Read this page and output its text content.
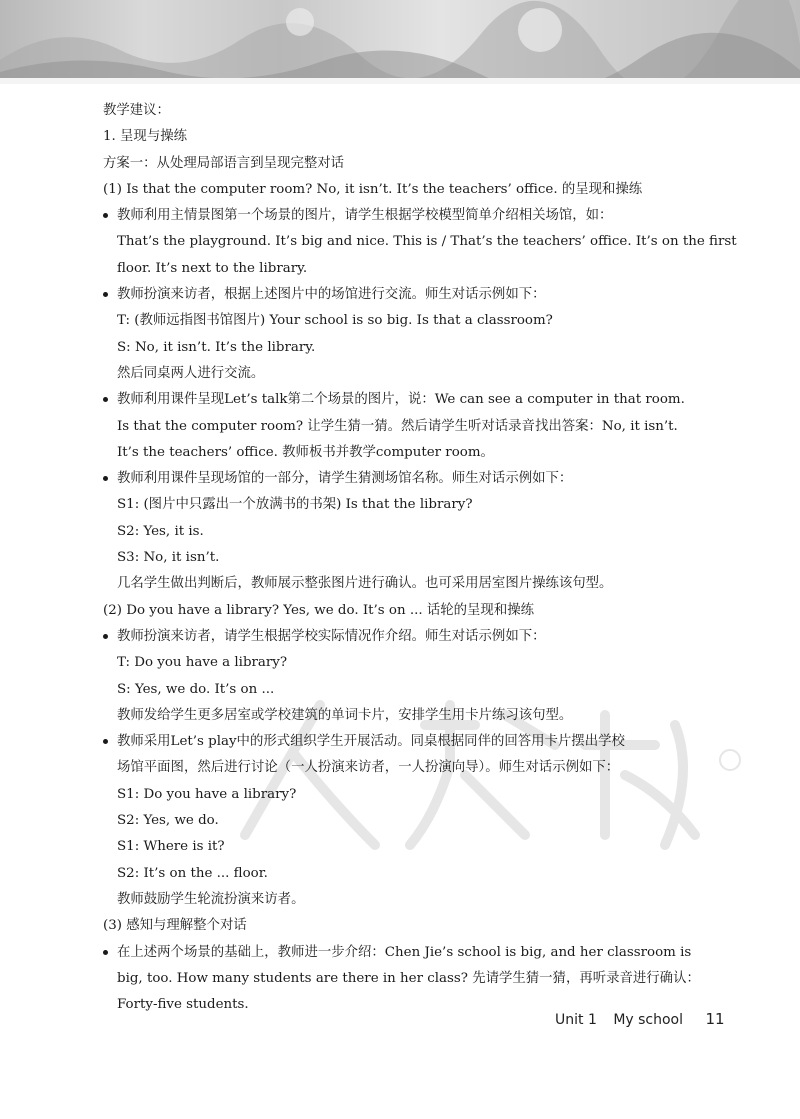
教学建议：
1. 呈现与操练
方案一：从处理局部语言到呈现完整对话
(1) Is that the computer room? No, it isn’t. It’s the teachers’ office. 的呈现和操练
教师利用主情景图第一个场景的图片，请学生根据学校模型简单介绍相关场馆，如：
That’s the playground. It’s big and nice. This is / That’s the teachers’ office. It’s on the first
floor. It’s next to the library.
教师扮演来访者，根据上述图片中的场馆进行交流。师生对话示例如下：
T: (教师远指图书馆图片) Your school is so big. Is that a classroom?
S: No, it isn’t. It’s the library.
然后同桌两人进行交流。
教师利用课件呈现Let’s talk第二个场景的图片，说：We can see a computer in that room.
Is that the computer room? 让学生猜一猜。然后请学生听对话录音找出答案：No, it isn’t.
It’s the teachers’ office. 教师板书并教学computer room。
教师利用课件呈现场馆的一部分，请学生猜测场馆名称。师生对话示例如下：
S1: (图片中只露出一个放满书的书架) Is that the library?
S2: Yes, it is.
S3: No, it isn’t.
几名学生做出判断后，教师展示整张图片进行确认。也可采用居室图片操练该句型。
(2) Do you have a library? Yes, we do. It’s on ... 话轮的呈现和操练
教师扮演来访者，请学生根据学校实际情况作介绍。师生对话示例如下：
T: Do you have a library?
S: Yes, we do. It’s on ...
教师发给学生更多居室或学校建筑的单词卡片，安排学生用卡片练习该句型。
教师采用Let’s play中的形式组织学生开展活动。同桌根据同伴的回答用卡片摆出学校
场馆平面图，然后进行讨论（一人扮演来访者，一人扮演向导）。师生对话示例如下：
S1: Do you have a library?
S2: Yes, we do.
S1: Where is it?
S2: It’s on the ... floor.
教师鼓励学生轮流扮演来访者。
(3) 感知与理解整个对话
在上述两个场景的基础上，教师进一步介绍：Chen Jie’s school is big, and her classroom is
big, too. How many students are there in her class? 先请学生猜一猜，再听录音进行确认：
Forty-five students.
Unit 1 My school 11
